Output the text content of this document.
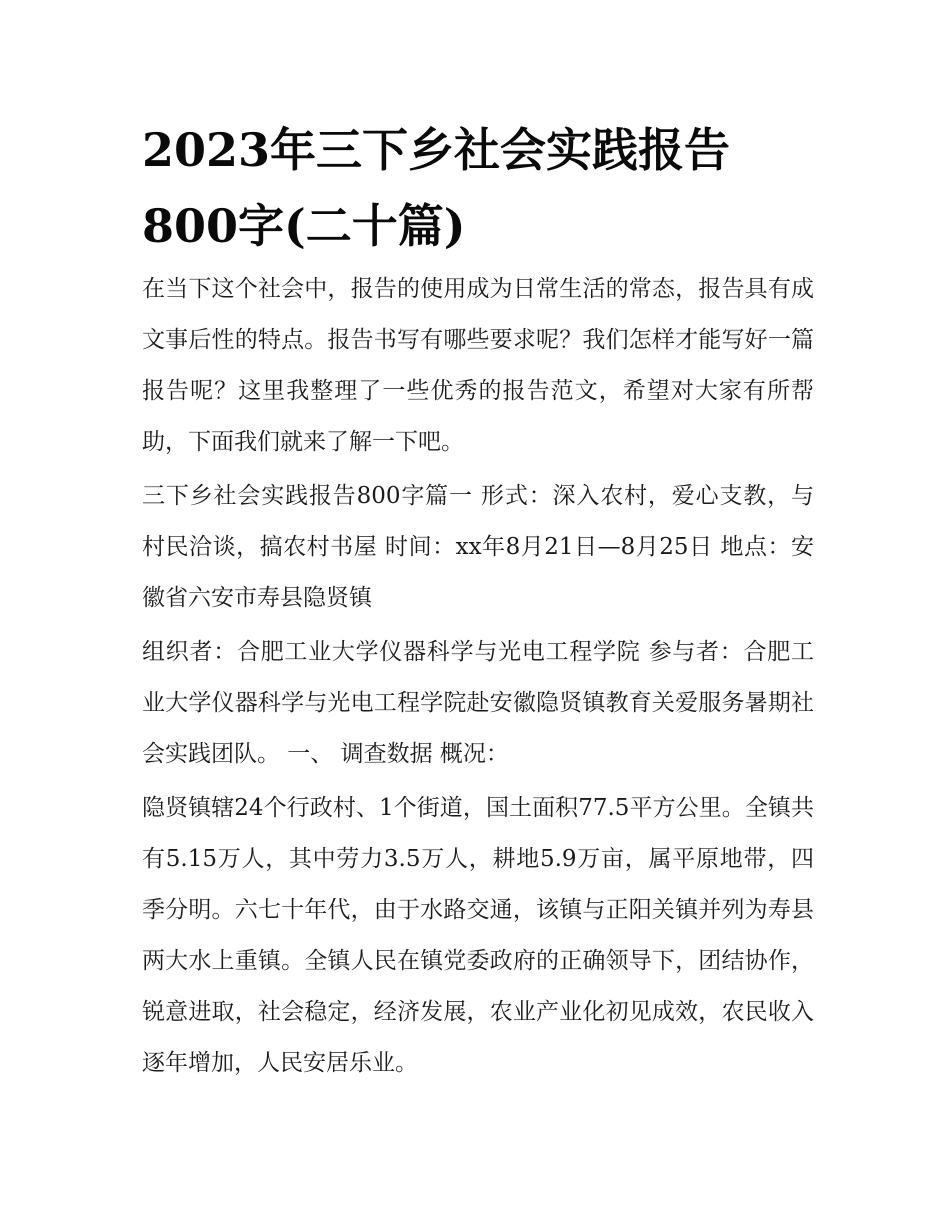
2023年三下乡社会实践报告
800字(二十篇)

在当下这个社会中，报告的使用成为日常生活的常态，报告具有成文事后性的特点。报告书写有哪些要求呢？我们怎样才能写好一篇报告呢？这里我整理了一些优秀的报告范文，希望对大家有所帮助，下面我们就来了解一下吧。

三下乡社会实践报告800字篇一 形式：深入农村，爱心支教，与村民洽谈，搞农村书屋 时间：xx年8月21日—8月25日 地点：安徽省六安市寿县隐贤镇

组织者：合肥工业大学仪器科学与光电工程学院 参与者：合肥工业大学仪器科学与光电工程学院赴安徽隐贤镇教育关爱服务暑期社会实践团队。 一、 调查数据 概况：

隐贤镇辖24个行政村、1个街道，国土面积77.5平方公里。全镇共有5.15万人，其中劳力3.5万人，耕地5.9万亩，属平原地带，四季分明。六七十年代，由于水路交通，该镇与正阳关镇并列为寿县两大水上重镇。全镇人民在镇党委政府的正确领导下，团结协作，锐意进取，社会稳定，经济发展，农业产业化初见成效，农民收入逐年增加，人民安居乐业。
